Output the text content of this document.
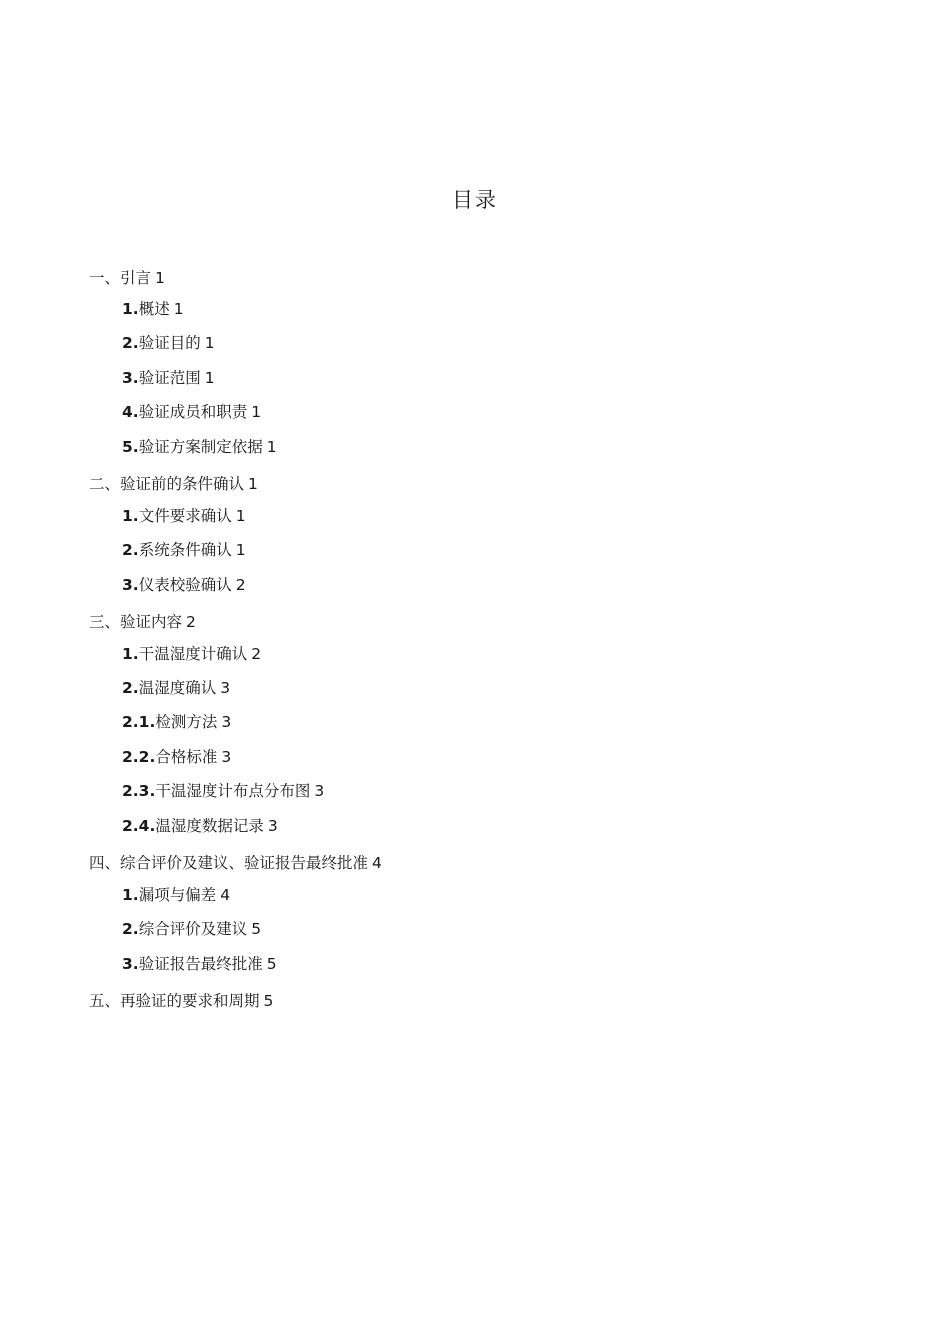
目录
一、引言 1
1.概述 1
2.验证目的 1
3.验证范围 1
4.验证成员和职责 1
5.验证方案制定依据 1
二、验证前的条件确认 1
1.文件要求确认 1
2.系统条件确认 1
3.仪表校验确认 2
三、验证内容 2
1.干温湿度计确认 2
2.温湿度确认 3
2.1.检测方法 3
2.2.合格标准 3
2.3.干温湿度计布点分布图 3
2.4.温湿度数据记录 3
四、综合评价及建议、验证报告最终批准 4
1.漏项与偏差 4
2.综合评价及建议 5
3.验证报告最终批准 5
五、再验证的要求和周期 5
